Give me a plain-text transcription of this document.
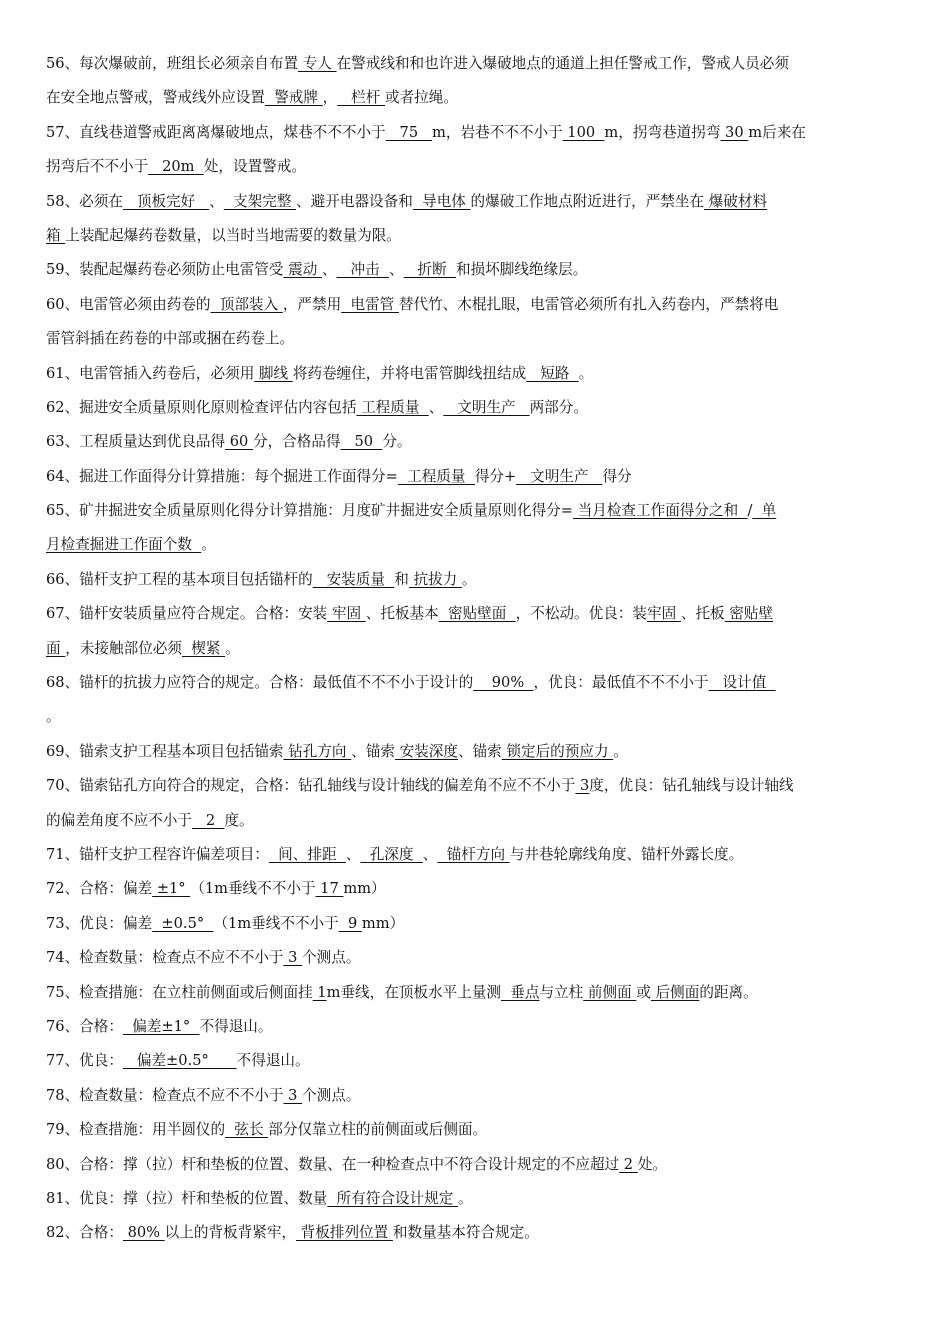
56、每次爆破前，班组长必须亲自布置 专人 在警戒线和和也许进入爆破地点的通道上担任警戒工作，警戒人员必须
在安全地点警戒，警戒线外应设置  警戒牌 ，   栏杆 或者拉绳。
57、直线巷道警戒距离离爆破地点，煤巷不不不小于   75   m，岩巷不不不小于 100  m，拐弯巷道拐弯 30 m后来在
拐弯后不不小于   20m  处，设置警戒。
58、必须在   顶板完好   、  支架完整 、避开电器设备和  导电体 的爆破工作地点附近进行，严禁坐在 爆破材料
箱 上装配起爆药卷数量，以当时当地需要的数量为限。
59、装配起爆药卷必须防止电雷管受 震动 、   冲击  、   折断  和损坏脚线绝缘层。
60、电雷管必须由药卷的  顶部装入 ，严禁用  电雷管 替代竹、木棍扎眼，电雷管必须所有扎入药卷内，严禁将电
雷管斜插在药卷的中部或捆在药卷上。
61、电雷管插入药卷后，必须用 脚线 将药卷缠住，并将电雷管脚线扭结成   短路  。
62、掘进安全质量原则化原则检查评估内容包括 工程质量  、   文明生产   两部分。
63、工程质量达到优良品得 60 分，合格品得   50  分。
64、掘进工作面得分计算措施：每个掘进工作面得分=  工程质量  得分+   文明生产   得分
65、矿井掘进安全质量原则化得分计算措施：月度矿井掘进安全质量原则化得分= 当月检查工作面得分之和  /  单
月检查掘进工作面个数  。
66、锚杆支护工程的基本项目包括锚杆的   安装质量  和 抗拔力 。
67、锚杆安装质量应符合规定。合格：安装 牢固 、托板基本  密贴壁面  ，不松动。优良：装牢固 、托板 密贴壁
面 ，未接触部位必须  楔紧 。
68、锚杆的抗拔力应符合的规定。合格：最低值不不不小于设计的    90%  ，优良：最低值不不不小于   设计值
。
69、锚索支护工程基本项目包括锚索 钻孔方向 、锚索 安装深度、锚索 锁定后的预应力 。
70、锚索钻孔方向符合的规定，合格：钻孔轴线与设计轴线的偏差角不应不不小于 3度，优良：钻孔轴线与设计轴线
的偏差角度不应不小于   2  度。
71、锚杆支护工程容许偏差项目：  间、排距  、  孔深度  、  锚杆方向 与井巷轮廓线角度、锚杆外露长度。
72、合格：偏差 ±1° （1m垂线不不小于 17 mm）
73、优良：偏差  ±0.5°  （1m垂线不不小于  9 mm）
74、检查数量：检查点不应不不小于 3 个测点。
75、检查措施：在立柱前侧面或后侧面挂 1m垂线，在顶板水平上量测  垂点与立柱 前侧面 或 后侧面的距离。
76、合格：  偏差±1°  不得退山。
77、优良：   偏差±0.5°      不得退山。
78、检查数量：检查点不应不不小于 3 个测点。
79、检查措施：用半圆仪的  弦长 部分仅靠立柱的前侧面或后侧面。
80、合格：撑（拉）杆和垫板的位置、数量、在一种检查点中不符合设计规定的不应超过 2 处。
81、优良：撑（拉）杆和垫板的位置、数量  所有符合设计规定 。
82、合格： 80% 以上的背板背紧牢， 背板排列位置 和数量基本符合规定。
